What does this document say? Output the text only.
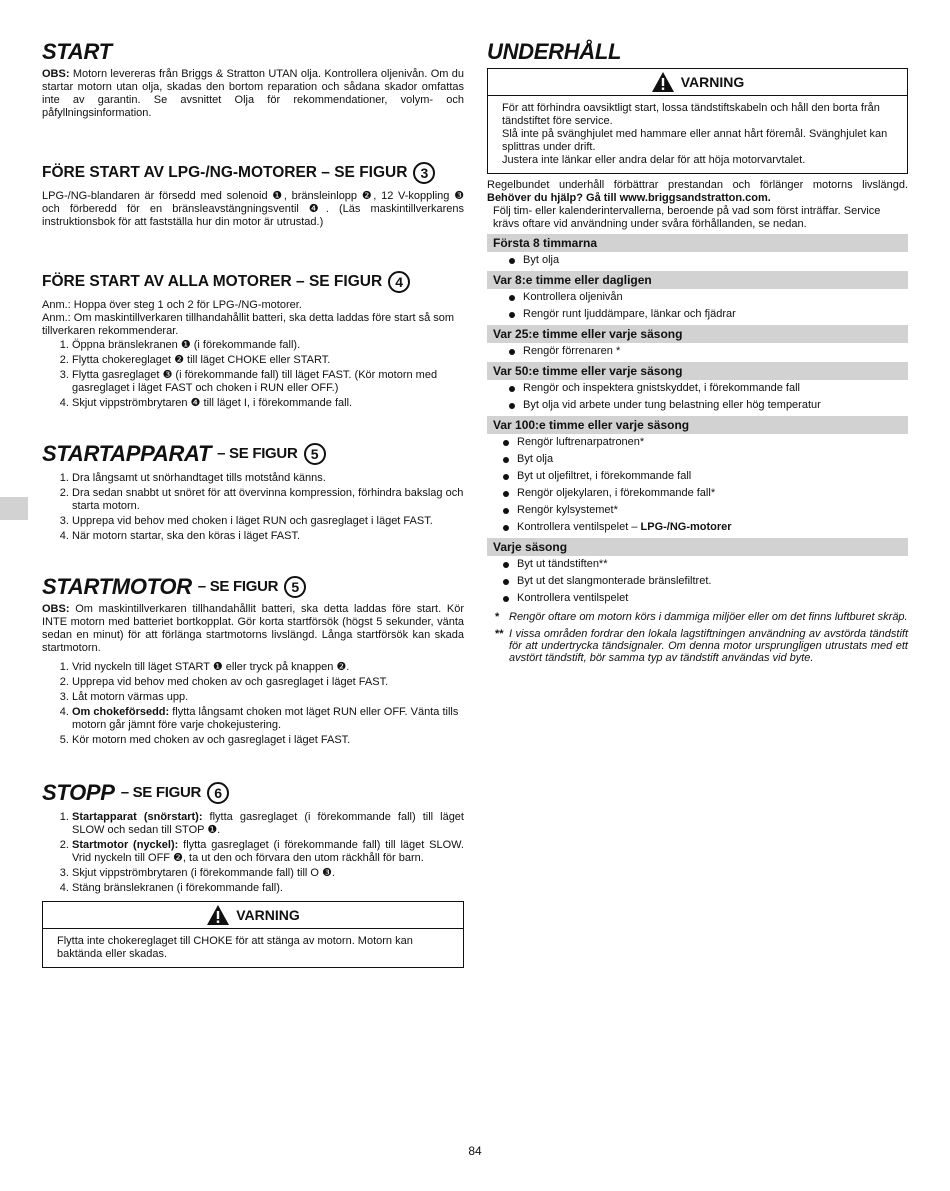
START

OBS: Motorn levereras från Briggs & Stratton UTAN olja. Kontrollera oljenivån. Om du startar motorn utan olja, skadas den bortom reparation och sådana skador omfattas inte av garantin. Se avsnittet Olja för rekommendationer, volym- och påfyllningsinformation.

FÖRE START AV LPG-/NG-MOTORER – SE FIGUR 3

LPG-/NG-blandaren är försedd med solenoid ❶, bränsleinlopp ❷, 12 V-koppling ❸ och förberedd för en bränsleavstängningsventil ❹. (Läs maskintillverkarens instruktionsbok för att fastställa hur din motor är utrustad.)

FÖRE START AV ALLA MOTORER – SE FIGUR 4

Anm.: Hoppa över steg 1 och 2 för LPG-/NG-motorer.

Anm.: Om maskintillverkaren tillhandahållit batteri, ska detta laddas före start så som tillverkaren rekommenderar.

1. Öppna bränslekranen ❶ (i förekommande fall).
2. Flytta chokereglaget ❷ till läget CHOKE eller START.
3. Flytta gasreglaget ❸ (i förekommande fall) till läget FAST. (Kör motorn med gasreglaget i läget FAST och choken i RUN eller OFF.)
4. Skjut vippströmbrytaren ❹ till läget I, i förekommande fall.
STARTAPPARAT – SE FIGUR 5
1. Dra långsamt ut snörhandtaget tills motstånd känns.
2. Dra sedan snabbt ut snöret för att övervinna kompression, förhindra bakslag och starta motorn.
3. Upprepa vid behov med choken i läget RUN och gasreglaget i läget FAST.
4. När motorn startar, ska den köras i läget FAST.
STARTMOTOR – SE FIGUR 5

OBS: Om maskintillverkaren tillhandahållit batteri, ska detta laddas före start. Kör INTE motorn med batteriet bortkopplat. Gör korta startförsök (högst 5 sekunder, vänta sedan en minut) för att förlänga startmotorns livslängd. Långa startförsök kan skada startmotorn.

1. Vrid nyckeln till läget START ❶ eller tryck på knappen ❷.
2. Upprepa vid behov med choken av och gasreglaget i läget FAST.
3. Låt motorn värmas upp.
4. Om chokeförsedd: flytta långsamt choken mot läget RUN eller OFF. Vänta tills motorn går jämnt före varje chokejustering.
5. Kör motorn med choken av och gasreglaget i läget FAST.
STOPP – SE FIGUR 6
1. Startapparat (snörstart): flytta gasreglaget (i förekommande fall) till läget SLOW och sedan till STOP ❶.
2. Startmotor (nyckel): flytta gasreglaget (i förekommande fall) till läget SLOW. Vrid nyckeln till OFF ❷, ta ut den och förvara den utom räckhåll för barn.
3. Skjut vippströmbrytaren (i förekommande fall) till O ❸.
4. Stäng bränslekranen (i förekommande fall).
VARNING
Flytta inte chokereglaget till CHOKE för att stänga av motorn. Motorn kan baktända eller skadas.
UNDERHÅLL
VARNING

För att förhindra oavsiktligt start, lossa tändstiftskabeln och håll den borta från tändstiftet före service.

Slå inte på svänghjulet med hammare eller annat hårt föremål. Svänghjulet kan splittras under drift.

Justera inte länkar eller andra delar för att höja motorvarvtalet.

Regelbundet underhåll förbättrar prestandan och förlänger motorns livslängd. Behöver du hjälp? Gå till www.briggsandstratton.com.

Följ tim- eller kalenderintervallerna, beroende på vad som först inträffar. Service krävs oftare vid användning under svåra förhållanden, se nedan.

Första 8 timmarna
Byt olja
Var 8:e timme eller dagligen
Kontrollera oljenivån
Rengör runt ljuddämpare, länkar och fjädrar
Var 25:e timme eller varje säsong
Rengör förrenaren *
Var 50:e timme eller varje säsong
Rengör och inspektera gnistskyddet, i förekommande fall
Byt olja vid arbete under tung belastning eller hög temperatur
Var 100:e timme eller varje säsong
Rengör luftrenarpatronen*
Byt olja
Byt ut oljefiltret, i förekommande fall
Rengör oljekylaren, i förekommande fall*
Rengör kylsystemet*
Kontrollera ventilspelet – LPG-/NG-motorer
Varje säsong
Byt ut tändstiften**
Byt ut det slangmonterade bränslefiltret.
Kontrollera ventilspelet
* Rengör oftare om motorn körs i dammiga miljöer eller om det finns luftburet skräp.
** I vissa områden fordrar den lokala lagstiftningen användning av avstörda tändstift för att undertrycka tändsignaler. Om denna motor ursprungligen utrustats med ett avstört tändstift, bör samma typ av tändstift användas vid byte.
84
